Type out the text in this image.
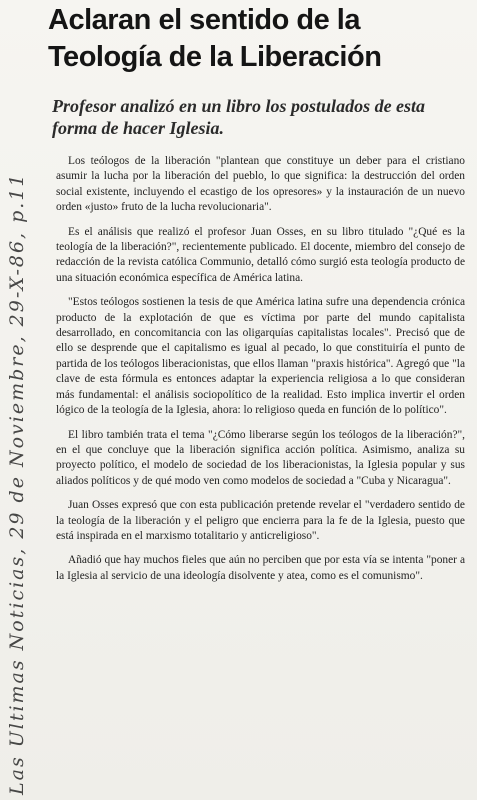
Las Ultimas Noticias, 29 de Noviembre, 29-X-86, p.11
Aclaran el sentido de la Teología de la Liberación
Profesor analizó en un libro los postulados de esta forma de hacer Iglesia.

Los teólogos de la liberación "plantean que constituye un deber para el cristiano asumir la lucha por la liberación del pueblo, lo que significa: la destrucción del orden social existente, incluyendo el ecastigo de los opresores» y la instauración de un nuevo orden «justo» fruto de la lucha revolucionaria".

Es el análisis que realizó el profesor Juan Osses, en su libro titulado "¿Qué es la teología de la liberación?", recientemente publicado. El docente, miembro del consejo de redacción de la revista católica Communio, detalló cómo surgió esta teología producto de una situación económica específica de América latina.

"Estos teólogos sostienen la tesis de que América latina sufre una dependencia crónica producto de la explotación de que es víctima por parte del mundo capitalista desarrollado, en concomitancia con las oligarquías capitalistas locales". Precisó que de ello se desprende que el capitalismo es igual al pecado, lo que constituiría el punto de partida de los teólogos liberacionistas, que ellos llaman "praxis histórica". Agregó que "la clave de esta fórmula es entonces adaptar la experiencia religiosa a lo que consideran más fundamental: el análisis sociopolítico de la realidad. Esto implica invertir el orden lógico de la teología de la Iglesia, ahora: lo religioso queda en función de lo político".

El libro también trata el tema "¿Cómo liberarse según los teólogos de la liberación?", en el que concluye que la liberación significa acción política. Asimismo, analiza su proyecto político, el modelo de sociedad de los liberacionistas, la Iglesia popular y sus aliados políticos y de qué modo ven como modelos de sociedad a "Cuba y Nicaragua".

Juan Osses expresó que con esta publicación pretende revelar el "verdadero sentido de la teología de la liberación y el peligro que encierra para la fe de la Iglesia, puesto que está inspirada en el marxismo totalitario y anticreligioso".

Añadió que hay muchos fieles que aún no perciben que por esta vía se intenta "poner a la Iglesia al servicio de una ideología disolvente y atea, como es el comunismo".
